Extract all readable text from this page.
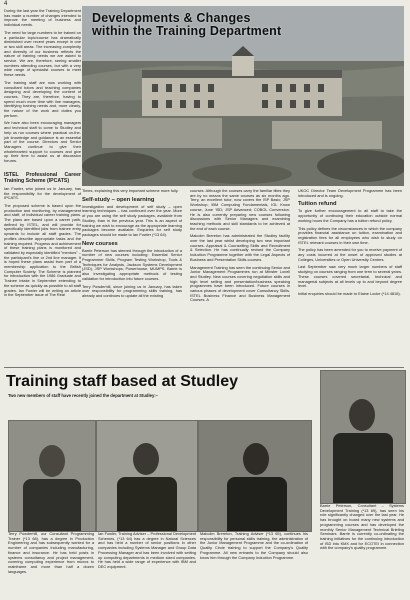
4

During the last year the Training Department has made a number of changes intended to improve the meeting of business and individual needs.

The need for large numbers to be trained on a particular topic/course has dramatically diminished over recent years except in one or two skill areas. The increasing complexity and diversity of our business reflects the nature of training needs we are asked to service. We are, therefore, seeing smaller numbers attending courses, but with a very wide range of specialist courses to meet these needs.

The training staff are now working with consultant tutors and teaching companies designing and developing the content of courses. They are, therefore, having to spend much more time with line managers, identifying training needs and, more clearly, the nature of the work and duties you perform.

We have also been encouraging managers and technical staff to come to Studley and help us run courses where practical on-the-job knowledge and guidance is an essential part of the course. Directors and Senior Managers continue to give their wholehearted support to courses and give up their time to assist us at discussion forums.

ISTEL Professional Career Training Scheme (IPCATS)

Ian Fowler, who joined us in January, has the responsibility for the development of IPCATS.

The proposed scheme is based upon the production and monitoring, by management and staff, of individual career training plans. The plans are based upon a career path, defined by ISTEL, and will provide for specifically identified jobs from trainee entry upwards to include all staff grades. The profiles describe appropriate tasks and the training required. Progress and achievement of these training plans is monitored and validated by especially identified "mentors" – the participant's line or 2nd line manager. It is hoped these plans assist from part of a membership application to the British Computer Society. The Scheme is planned for introduction with the 1986 Graduate and Trainee intake in September extending to the scheme as quickly as possible to all staff grades. Ian Fowler will be writing an article in the September issue of The Real

Developments & Changes
within the Training Department

Times, explaining this very important scheme more fully.

Self-study – open learning

Investigation and development of self study – open learning techniques – has continued over the year. More of you are using the self study packages, available from Studley, than in the previous year. This is an aspect of training we wish to encourage as the appropriate learning packages become available. Enquiries for self study packages should be made to Ian Fowler (*13 64).

New courses

Barrie Peterson has steered through the introduction of a number of new courses including: Essential Senior Programmer Skills, Program Testing Workshop, Tools & Techniques for Analysts, Jackson Systems Development (JSD), JSP Workshops, Powerhouse, MUMPS. Barrie is also investigating appropriate methods of testing validation for introduction into future courses.

Terry Powderhill, since joining us in January, has taken over responsibility for programming skills training, has already and continues to update all the existing

courses. Although the courses carry the familiar titles they are by no means the same courses as six months ago. Terry, an excellent tutor, now covers the ISP Basic; JSP Workshop; IBM Computing Fundamentals, IGL Know course, June 'ISD; JSP Advanced; COBOL Conversion. He is also currently preparing new courses following discussions with Senior Managers and examining teaching methods and skill standards to be achieved at the end of each course.

Malcolm Brereton has administrated the Studley facility over the last year whilst developing two new important courses. Appraisal & Counselling Skills and Recruitment & Selection. He has continually revised the Company Induction Programme together with the Legal Aspects of Business and Presentation Skills courses.

Management Training has seen the continuing Senior and Junior Management Programmes run at Minster Lovell and Studley. New courses covering negotiation skills and high level selling and presentation/business speaking programmes have been introduced. Future courses in various phases of development cover Consultancy Skills, ISTEL Business Finance and Business Management Courses. A

UKOC Director Team Development Programme has been introduced and is ongoing.

Tuition refund

To give further encouragement to all staff to take the opportunity of continuing their education outside normal working hours the Company has a tuition refund policy.

This policy defines the circumstances in which the company provides financial assistance on tuition, examination and registration fees for all employees who wish to study on ISTEL relevant courses in their own time.

The policy has been amended for you to receive payment of any costs incurred at the onset of approved studies at Colleges, Universities or Open University Centres.

Last September saw very much larger numbers of staff studying on courses ranging from one term to several years. These courses covered secretarial, technical and managerial subjects at all levels up to and beyond degree level.

Initial enquiries should be made to Elaine Locke (*14 4818).

Training staff based at Studley
Two new members of staff have recently joined the department at Studley:–
Terry Powderhill, our Consultant Programming Trainer (*13 68), has a degree in Production Engineering and has subsequently worked for a number of companies including manufacturing, finance and insurance. He has held posts in systems consultancy and project management, covering computing experience from micros to mainframe and more than half a dozen languages.
Ian Fowler, Training Adviser – Professional Development Schemes, (*13 64) has a degree in Natural Sciences and has held a number of senior positions in other companies including Systems Manager and Group Data Processing Manager and has been involved with setting up computing departments in medium sized companies. He has held a wide range of experience with IBM and DEC equipment.
Malcolm Brereton, Training Adviser (*13 65), continues his responsibility for personal skills training, the administration of the Junior Management Programme and the co-ordination of Quality Circle training to support the Company's Quality Programme. All new entrants to the Company should also know him through the Company Induction Programme.
Barrie Peterson, Consultant – Systems Development Training (*13 69), has seen his role significantly changed over the last year. He has brought on board many new systems and programming courses and has developed the monthly Senior Management Technical Briefing Seminars. Barrie is currently co-ordinating the training initiatives for the continuing introduction of ISD into KMX and for ECOTEI in connection with the company's quality programme.
